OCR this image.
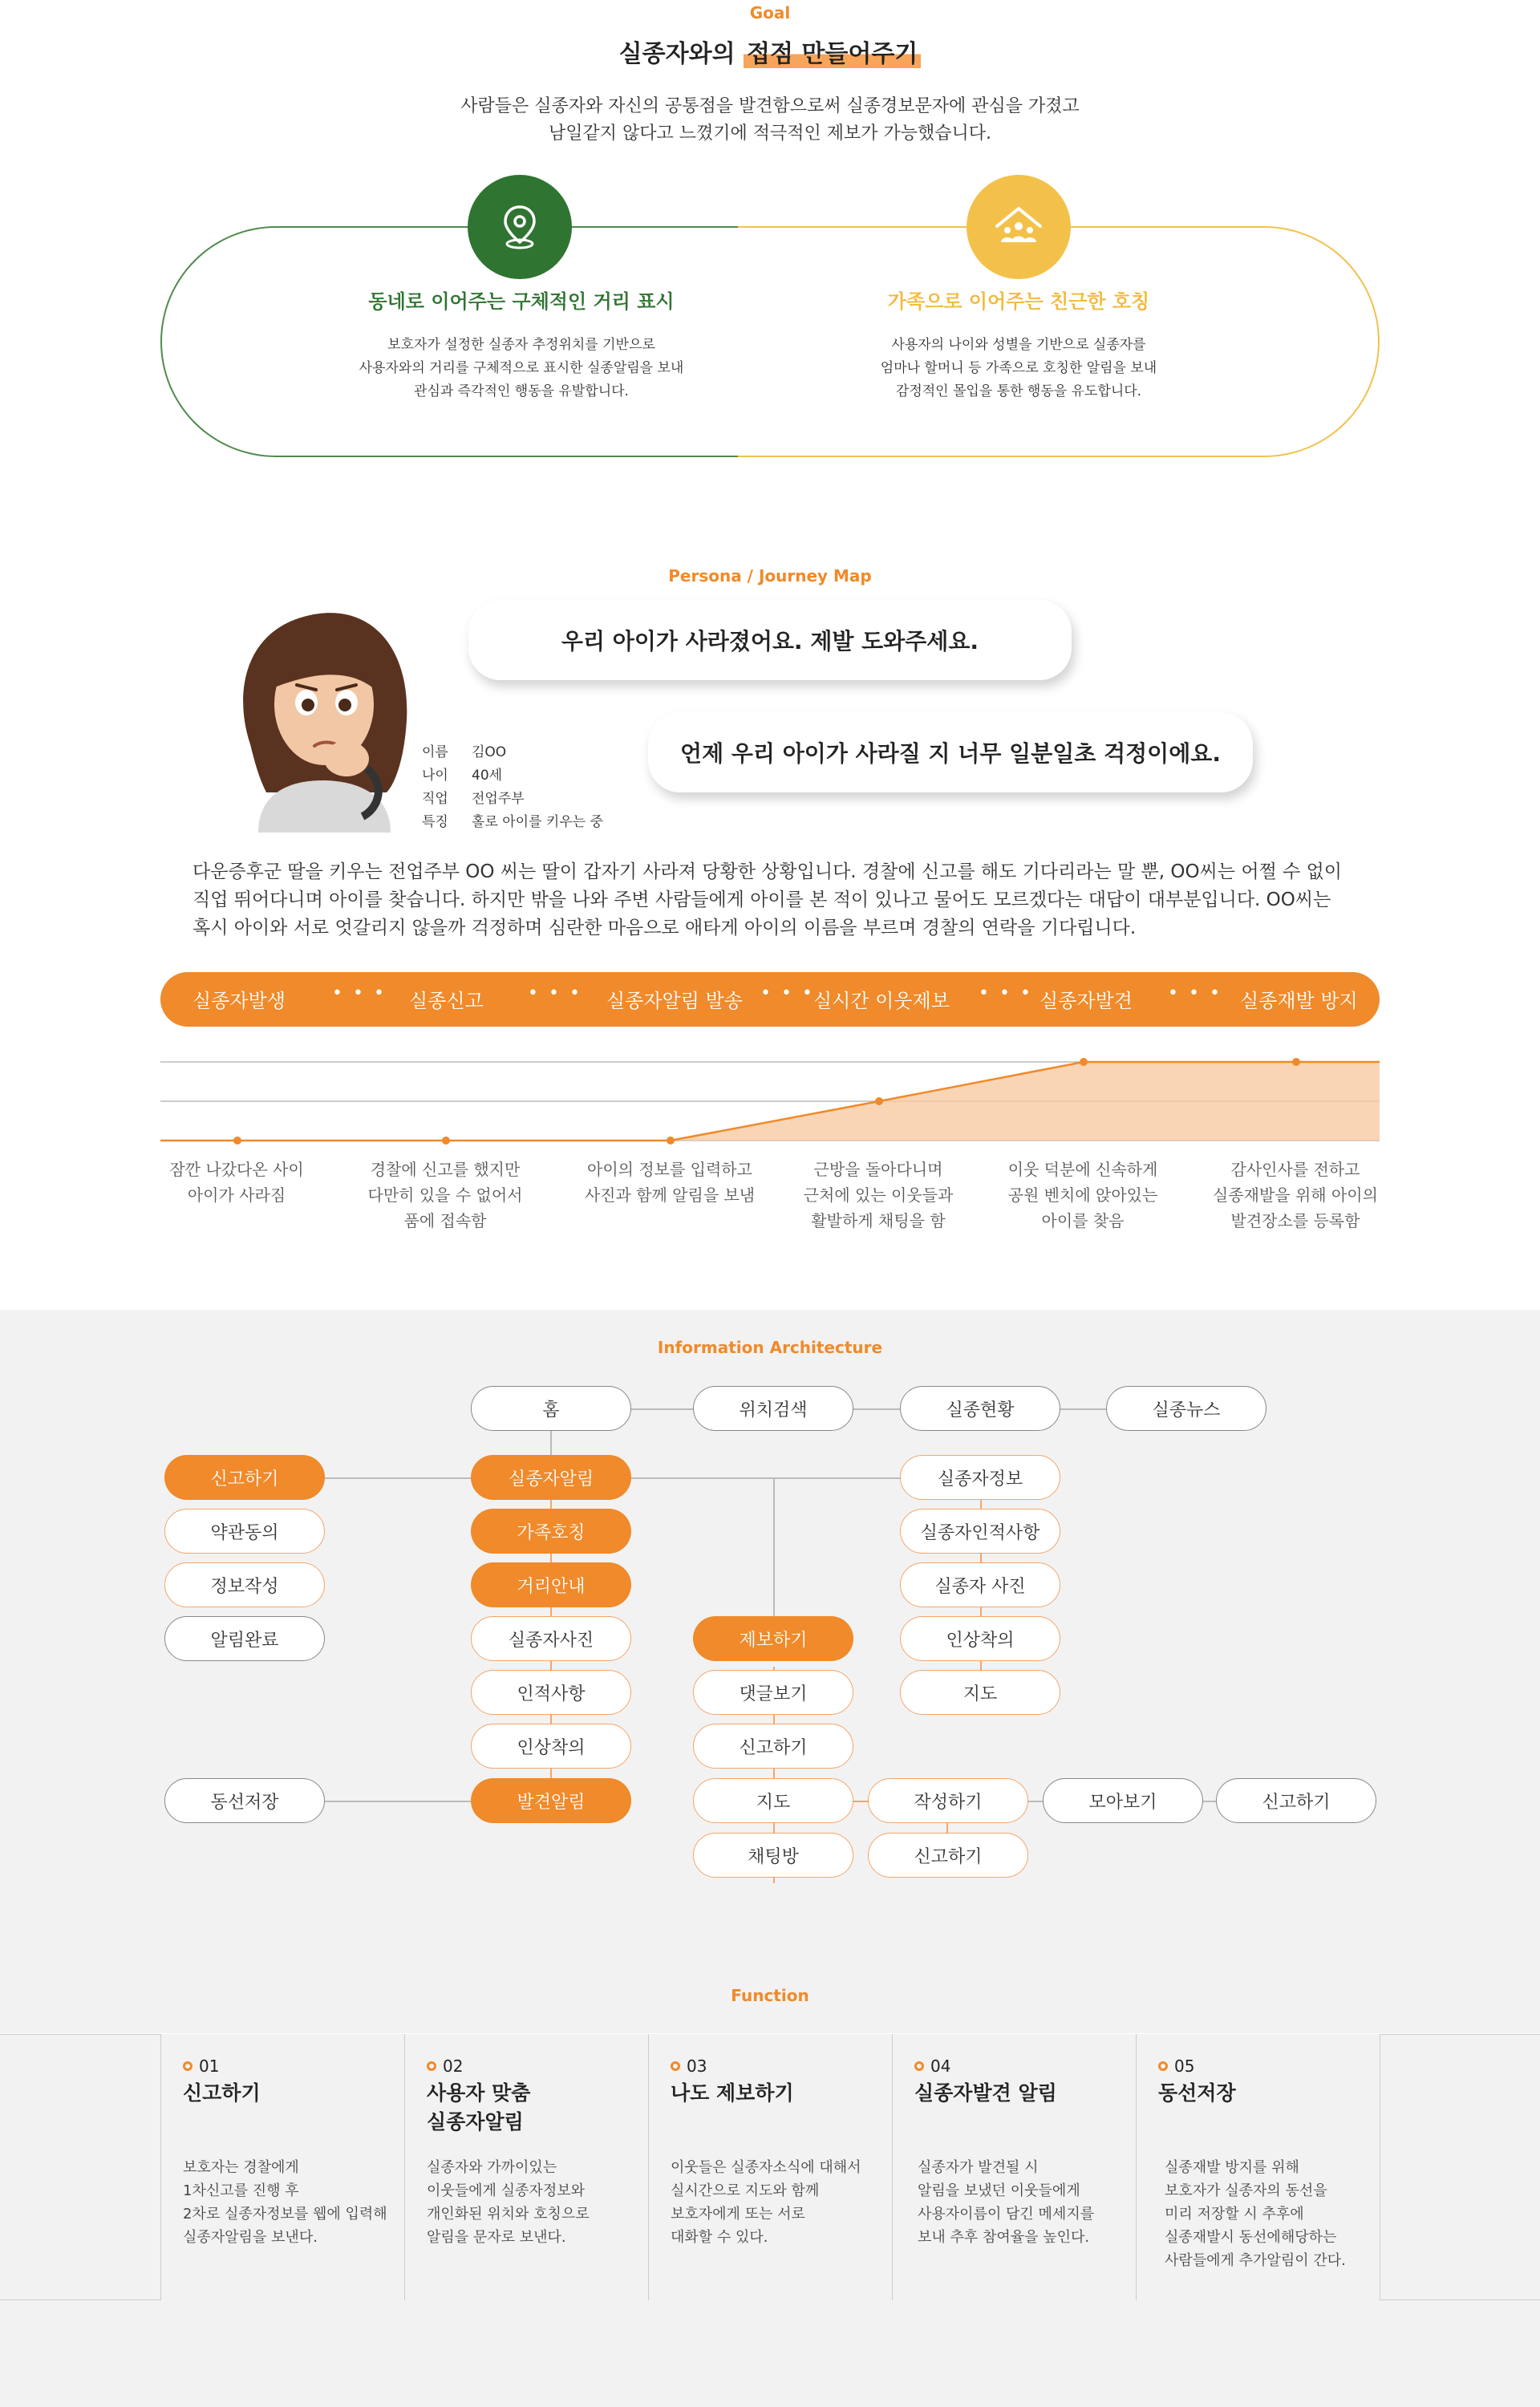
Goal
실종자와의 접점 만들어주기
사람들은 실종자와 자신의 공통점을 발견함으로써 실종경보문자에 관심을 가졌고
남일같지 않다고 느꼈기에 적극적인 제보가 가능했습니다.
동네로 이어주는 구체적인 거리 표시
보호자가 설정한 실종자 추정위치를 기반으로
사용자와의 거리를 구체적으로 표시한 실종알림을 보내
관심과 즉각적인 행동을 유발합니다.
가족으로 이어주는 친근한 호칭
사용자의 나이와 성별을 기반으로 실종자를
엄마나 할머니 등 가족으로 호칭한 알림을 보내
감정적인 몰입을 통한 행동을 유도합니다.
Persona / Journey Map
이름 김OO
나이 40세
직업 전업주부
특징 홀로 아이를 키우는 중
우리 아이가 사라졌어요. 제발 도와주세요.
언제 우리 아이가 사라질 지 너무 일분일초 걱정이에요.
다운증후군 딸을 키우는 전업주부 OO 씨는 딸이 갑자기 사라져 당황한 상황입니다. 경찰에 신고를 해도 기다리라는 말 뿐, OO씨는 어쩔 수 없이
직업 뛰어다니며 아이를 찾습니다. 하지만 밖을 나와 주변 사람들에게 아이를 본 적이 있나고 물어도 모르겠다는 대답이 대부분입니다. OO씨는
혹시 아이와 서로 엇갈리지 않을까 걱정하며 심란한 마음으로 애타게 아이의 이름을 부르며 경찰의 연락을 기다립니다.
실종자발생	• • • 실종신고	• • • 실종자알림 발송 • • •
실시간 이웃제보 • • • 실종자발견 • • • 실종재발 방지
잠깐 나갔다온 사이
아이가 사라짐
경찰에 신고를 했지만
다만히 있을 수 없어서
품에 접속함
아이의 정보를 입력하고
사진과 함께 알림을 보냄
근방을 돌아다니며
근처에 있는 이웃들과
활발하게 채팅을 함
이웃 덕분에 신속하게
공원 벤치에 앉아있는
아이를 찾음
감사인사를 전하고
실종재발을 위해 아이의
발견장소를 등록함
Information Architecture
홈	위치검색	실종현황	실종뉴스
신고하기
약관동의
정보작성
알림완료
동선저장
실종자알림
가족호칭
거리안내
실종자사진
인적사항
인상착의
발견알림
제보하기
댓글보기
신고하기
지도
채팅방
실종자정보
실종자인적사항
실종자 사진
인상착의
지도
작성하기
신고하기
모아보기	신고하기
Function
01
신고하기
보호자는 경찰에게
1차신고를 진행 후
2차로 실종자정보를 웹에 입력해
실종자알림을 보낸다.
02
사용자 맞춤
실종자알림
실종자와 가까이있는
이웃들에게 실종자정보와
개인화된 위치와 호칭으로
알림을 문자로 보낸다.
03
나도 제보하기
이웃들은 실종자소식에 대해서
실시간으로 지도와 함께
보호자에게 또는 서로
대화할 수 있다.
04
실종자발견 알림
실종자가 발견될 시
알림을 보냈던 이웃들에게
사용자이름이 담긴 메세지를
보내 추후 참여율을 높인다.
05
동선저장
실종재발 방지를 위해
보호자가 실종자의 동선을
미리 저장할 시 추후에
실종재발시 동선에해당하는
사람들에게 추가알림이 간다.
